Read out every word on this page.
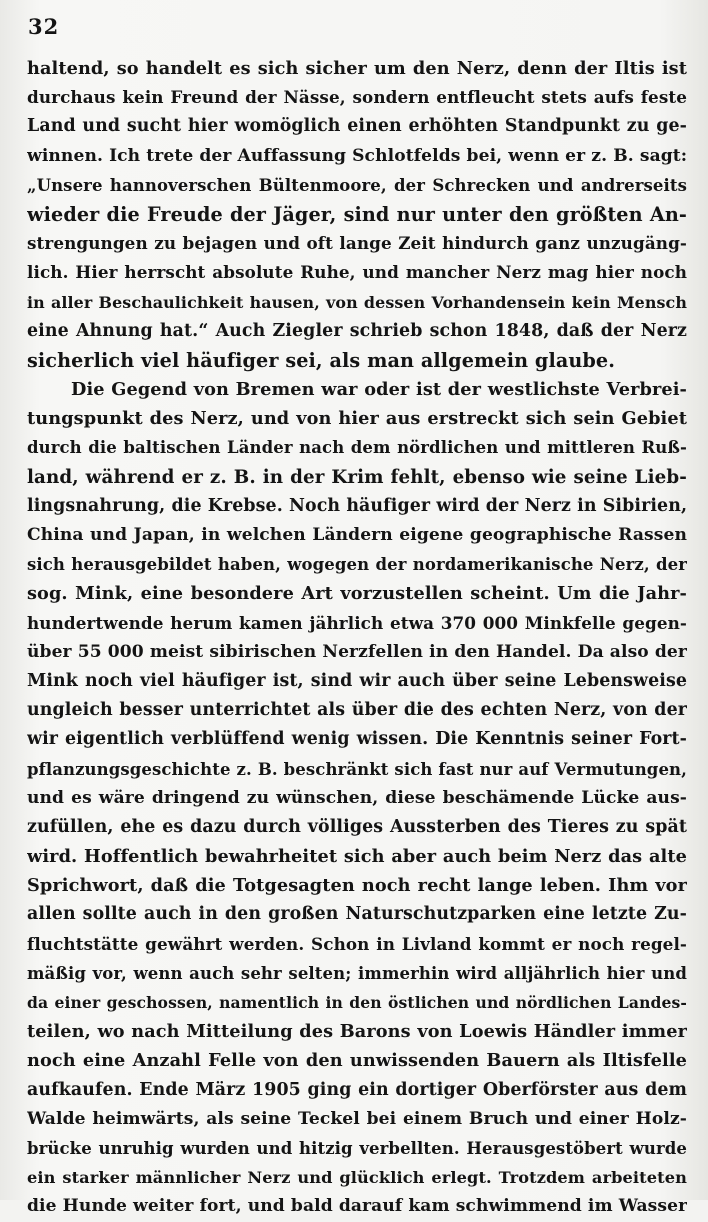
32
haltend, so handelt es sich sicher um den Nerz, denn der Iltis ist
durchaus kein Freund der Nässe, sondern entfleucht stets aufs feste
Land und sucht hier womöglich einen erhöhten Standpunkt zu ge-
winnen. Ich trete der Auffassung Schlotfelds bei, wenn er z. B. sagt:
„Unsere hannoverschen Bültenmoore, der Schrecken und andrerseits
wieder die Freude der Jäger, sind nur unter den größten An-
strengungen zu bejagen und oft lange Zeit hindurch ganz unzugäng-
lich. Hier herrscht absolute Ruhe, und mancher Nerz mag hier noch
in aller Beschaulichkeit hausen, von dessen Vorhandensein kein Mensch
eine Ahnung hat.“ Auch Ziegler schrieb schon 1848, daß der Nerz
sicherlich viel häufiger sei, als man allgemein glaube.
Die Gegend von Bremen war oder ist der westlichste Verbrei-
tungspunkt des Nerz, und von hier aus erstreckt sich sein Gebiet
durch die baltischen Länder nach dem nördlichen und mittleren Ruß-
land, während er z. B. in der Krim fehlt, ebenso wie seine Lieb-
lingsnahrung, die Krebse. Noch häufiger wird der Nerz in Sibirien,
China und Japan, in welchen Ländern eigene geographische Rassen
sich herausgebildet haben, wogegen der nordamerikanische Nerz, der
sog. Mink, eine besondere Art vorzustellen scheint. Um die Jahr-
hundertwende herum kamen jährlich etwa 370 000 Minkfelle gegen-
über 55 000 meist sibirischen Nerzfellen in den Handel. Da also der
Mink noch viel häufiger ist, sind wir auch über seine Lebensweise
ungleich besser unterrichtet als über die des echten Nerz, von der
wir eigentlich verblüffend wenig wissen. Die Kenntnis seiner Fort-
pflanzungsgeschichte z. B. beschränkt sich fast nur auf Vermutungen,
und es wäre dringend zu wünschen, diese beschämende Lücke aus-
zufüllen, ehe es dazu durch völliges Aussterben des Tieres zu spät
wird. Hoffentlich bewahrheitet sich aber auch beim Nerz das alte
Sprichwort, daß die Totgesagten noch recht lange leben. Ihm vor
allen sollte auch in den großen Naturschutzparken eine letzte Zu-
fluchtstätte gewährt werden. Schon in Livland kommt er noch regel-
mäßig vor, wenn auch sehr selten; immerhin wird alljährlich hier und
da einer geschossen, namentlich in den östlichen und nördlichen Landes-
teilen, wo nach Mitteilung des Barons von Loewis Händler immer
noch eine Anzahl Felle von den unwissenden Bauern als Iltisfelle
aufkaufen. Ende März 1905 ging ein dortiger Oberförster aus dem
Walde heimwärts, als seine Teckel bei einem Bruch und einer Holz-
brücke unruhig wurden und hitzig verbellten. Herausgestöbert wurde
ein starker männlicher Nerz und glücklich erlegt. Trotzdem arbeiteten
die Hunde weiter fort, und bald darauf kam schwimmend im Wasser
